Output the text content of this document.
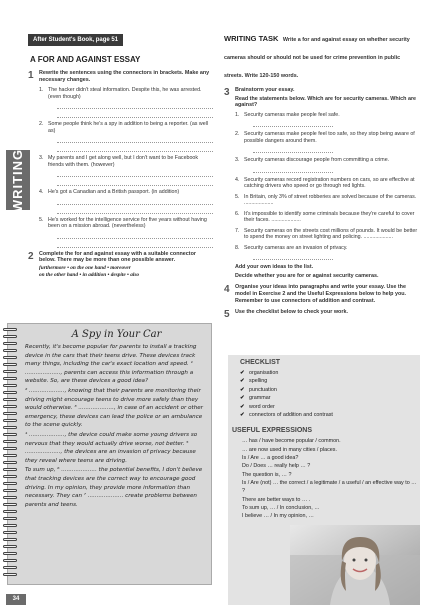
WRITING
34
After Student's Book, page 51
A FOR AND AGAINST ESSAY
1 Rewrite the sentences using the connectors in brackets. Make any necessary changes.
1. The hacker didn't steal information. Despite this, he was arrested. (even though)
2. Some people think he's a spy in addition to being a reporter. (as well as)
3. My parents and I get along well, but I don't want to be Facebook friends with them. (however)
4. He's got a Canadian and a British passport. (in addition)
5. He's worked for the intelligence service for five years without having been on a mission abroad. (nevertheless)
2 Complete the for and against essay with a suitable connector below. There may be more than one possible answer.
furthermore • on the one hand • moreover
on the other hand • in addition • despite • also
A Spy in Your Car

Recently, it's become popular for parents to install a tracking device in the cars that their teens drive. These devices track many things, including the car's exact location and speed. ¹ ...................., parents can access this information through a website. So, are these devices a good idea?

² ...................., knowing that their parents are monitoring their driving might encourage teens to drive more safely than they would otherwise. ³ ...................., in case of an accident or other emergency, these devices can lead the police or an ambulance to the scene quickly.

⁴ ...................., the device could make some young drivers so nervous that they would actually drive worse, not better. ⁵ ...................., the devices are an invasion of privacy because they reveal where teens are driving.

To sum up, ⁶ .................... the potential benefits, I don't believe that tracking devices are the correct way to encourage good driving. In my opinion, they provide more information than necessary. They can ⁷ .................... create problems between parents and teens.

WRITING TASK Write a for and against essay on whether security cameras should or should not be used for crime prevention in public streets. Write 120-150 words.
3 Brainstorm your essay.
Read the statements below. Which are for security cameras. Which are against?
1. Security cameras make people feel safe.
2. Security cameras make people feel too safe, so they stop being aware of possible dangers around them.
3. Security cameras discourage people from committing a crime.
4. Security cameras record registration numbers on cars, so are effective at catching drivers who speed or go through red lights.
5. In Britain, only 3% of street robberies are solved because of the cameras. ....................
6. It's impossible to identify some criminals because they're careful to cover their faces. ....................
7. Security cameras on the streets cost millions of pounds. It would be better to spend the money on street lighting and policing. ....................
8. Security cameras are an invasion of privacy.
Add your own ideas to the list.
Decide whether you are for or against security cameras.
4 Organise your ideas into paragraphs and write your essay. Use the model in Exercise 2 and the Useful Expressions below to help you. Remember to use connectors of addition and contrast.
5 Use the checklist below to check your work.
CHECKLIST
✔ organisation
✔ spelling
✔ punctuation
✔ grammar
✔ word order
✔ connectors of addition and contrast
USEFUL EXPRESSIONS
… has / have become popular / common.
… are now used in many cities / places.
Is / Are … a good idea?
Do / Does … really help … ?
The question is, … ?
Is / Are (not) … the correct / a legitimate / a useful / an effective way to … ?
There are better ways to … .
To sum up, … / In conclusion, …
I believe … / In my opinion, …
